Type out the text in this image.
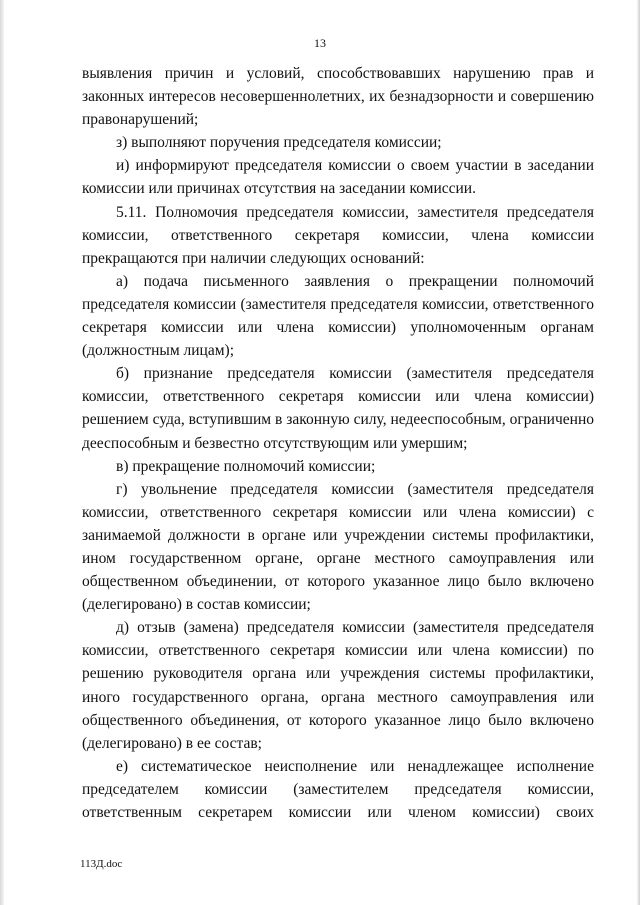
13

выявления причин и условий, способствовавших нарушению прав и законных интересов несовершеннолетних, их безнадзорности и совершению правонарушений;

з) выполняют поручения председателя комиссии;

и) информируют председателя комиссии о своем участии в заседании комиссии или причинах отсутствия на заседании комиссии.

5.11. Полномочия председателя комиссии, заместителя председателя комиссии, ответственного секретаря комиссии, члена комиссии прекращаются при наличии следующих оснований:

а) подача письменного заявления о прекращении полномочий председателя комиссии (заместителя председателя комиссии, ответственного секретаря комиссии или члена комиссии) уполномоченным органам (должностным лицам);

б) признание председателя комиссии (заместителя председателя комиссии, ответственного секретаря комиссии или члена комиссии) решением суда, вступившим в законную силу, недееспособным, ограниченно дееспособным и безвестно отсутствующим или умершим;

в) прекращение полномочий комиссии;

г) увольнение председателя комиссии (заместителя председателя комиссии, ответственного секретаря комиссии или члена комиссии) с занимаемой должности в органе или учреждении системы профилактики, ином государственном органе, органе местного самоуправления или общественном объединении, от которого указанное лицо было включено (делегировано) в состав комиссии;

д) отзыв (замена) председателя комиссии (заместителя председателя комиссии, ответственного секретаря комиссии или члена комиссии) по решению руководителя органа или учреждения системы профилактики, иного государственного органа, органа местного самоуправления или общественного объединения, от которого указанное лицо было включено (делегировано) в ее состав;

е) систематическое неисполнение или ненадлежащее исполнение председателем комиссии (заместителем председателя комиссии, ответственным секретарем комиссии или членом комиссии) своих

113Д.doc
